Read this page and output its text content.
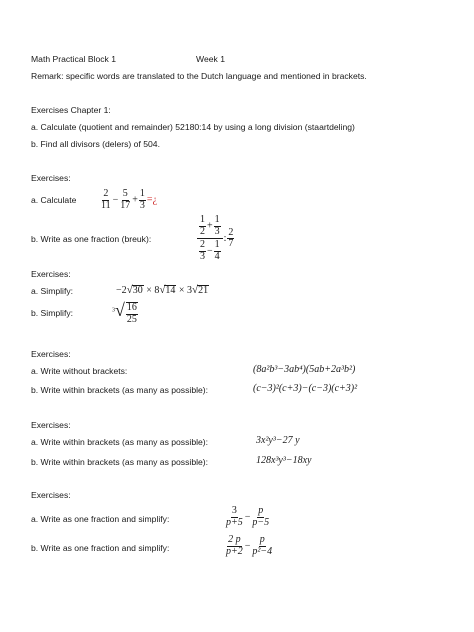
Math Practical Block 1	Week 1
Remark: specific words are translated to the Dutch language and mentioned in brackets.
Exercises Chapter 1:
a. Calculate (quotient and remainder) 52180:14 by using a long division (staartdeling)
b. Find all divisors (delers) of 504.
Exercises:
a. Calculate $\frac{2}{11} - \frac{5}{17} + \frac{1}{3}$ =¿
b. Write as one fraction (breuk):	$\frac{\frac{1}{2} + \frac{1}{3}}{\frac{2}{3} - \frac{1}{4}}$ : $\frac{2}{7}$
Exercises:
a. Simplify:	−2√30 × 8√14 × 3√21
b. Simplify:	$^3√ \frac{16}{25}$
Exercises:
a. Write without brackets:	(8a²b³−3ab⁴)(5ab+2a³b²)
b. Write within brackets (as many as possible):	(c−3)²(c+3)−(c−3)(c+3)²
Exercises:
a. Write within brackets (as many as possible):	3x²y³−27 y
b. Write within brackets (as many as possible):	128x³y³−18xy
Exercises:
a. Write as one fraction and simplify:	$\frac{3}{p+5} - \frac{p}{p-5}$
b. Write as one fraction and simplify:	$\frac{2 p}{p+2} - \frac{p}{\text{p²−4}}$
